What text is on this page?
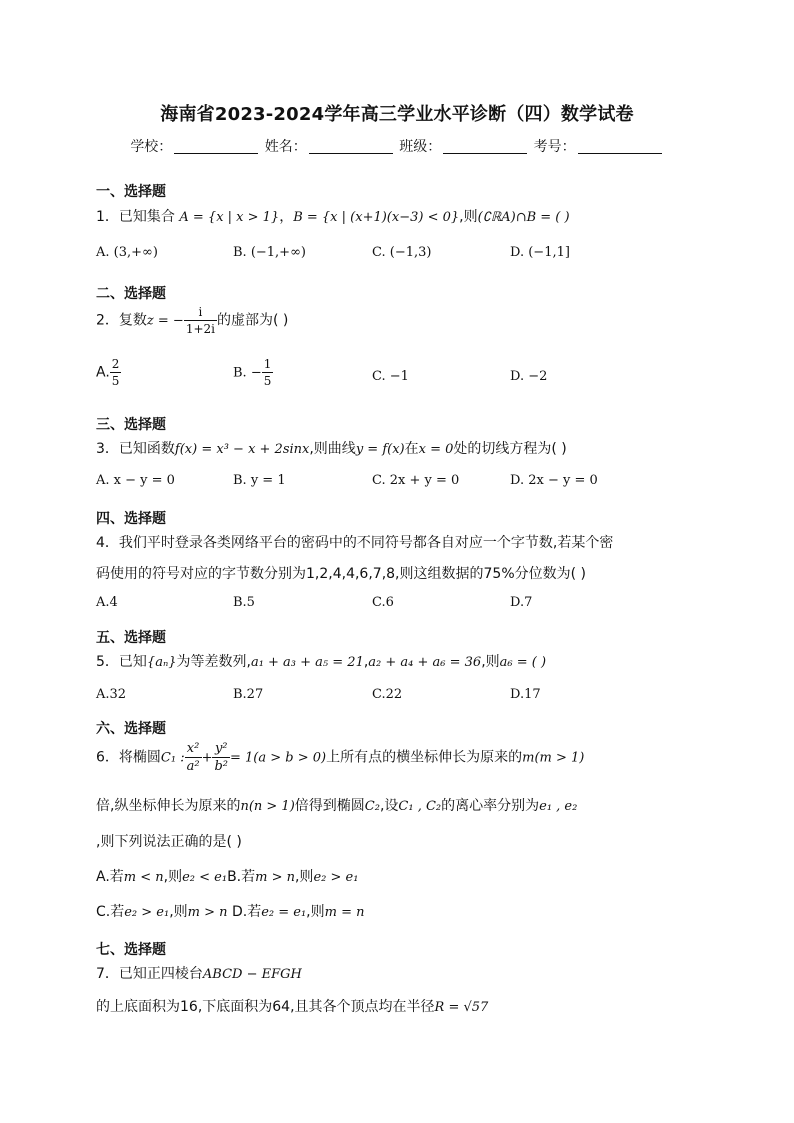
海南省2023-2024学年高三学业水平诊断（四）数学试卷
学校：	姓名：	班级：	考号：
一、选择题
1．已知集合 A = {x | x > 1}，B = {x | (x+1)(x−3) < 0},则(∁ℝA)∩B = ( )
A. (3,+∞)	B. (−1,+∞)	C. (−1,3)	D. (−1,1]
二、选择题
2．复数z = − $\frac{i}{1+2i}$ 的虚部为( )
A. $\frac{2}{5}$	B. − $\frac{1}{5}$	C. −1	D. −2
三、选择题
3．已知函数f(x) = x³ − x + 2sinx,则曲线y = f(x)在x = 0处的切线方程为( )
A. x − y = 0	B. y = 1	C. 2x + y = 0	D. 2x − y = 0
四、选择题
4．我们平时登录各类网络平台的密码中的不同符号都各自对应一个字节数,若某个密
码使用的符号对应的字节数分别为1,2,4,4,6,7,8,则这组数据的75%分位数为( )
A.4	B.5	C.6	D.7
五、选择题
5．已知{aₙ}为等差数列,a₁ + a₃ + a₅ = 21,a₂ + a₄ + a₆ = 36,则a₆ = ( )
A.32	B.27	C.22	D.17
六、选择题
6．将椭圆C₁ : $\frac{\text{x²}}{\text{a²}} + \frac{\text{y²}}{\text{b²}} = 1(a > b > 0)$上所有点的横坐标伸长为原来的m(m > 1)
倍,纵坐标伸长为原来的n(n > 1)倍得到椭圆C₂,设C₁ , C₂的离心率分别为e₁ , e₂
,则下列说法正确的是( )
A.若m < n,则e₂ < e₁B.若m > n,则e₂ > e₁
C.若e₂ > e₁,则m > n D.若e₂ = e₁,则m = n
七、选择题
7．已知正四棱台ABCD − EFGH
的上底面积为16,下底面积为64,且其各个顶点均在半径R = √57
